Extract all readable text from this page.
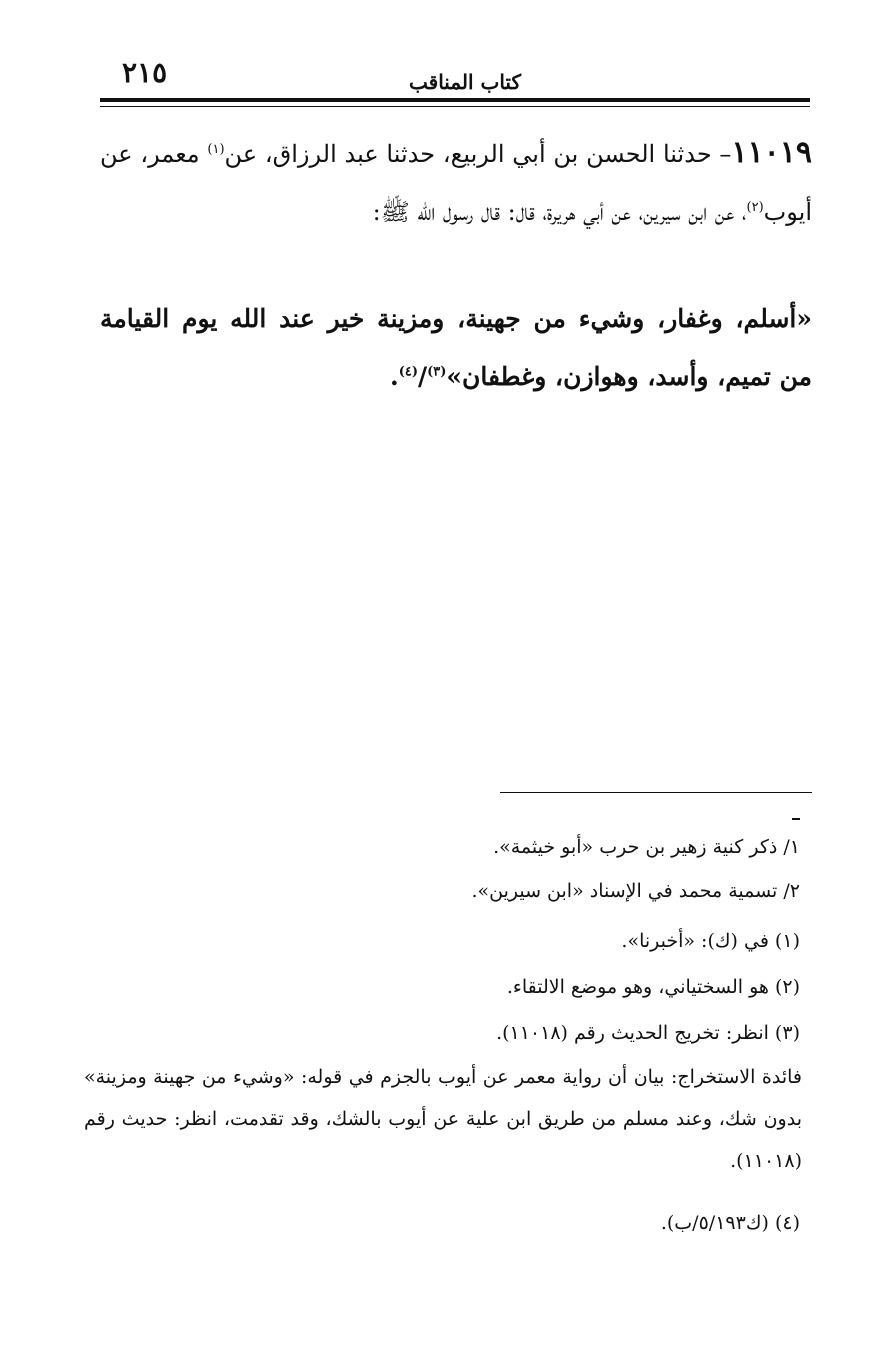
٢١٥	كتاب المناقب
١١٠١٩– حدثنا الحسن بن أبي الربيع، حدثنا عبد الرزاق، عن$^{(١)}$ معمر، عن أيوب$^{(٢)}$، عن ابن سيرين، عن أبي هريرة، قال: قال رسول الله ﷺ:
«أسلم، وغفار، وشيء من جهينة، ومزينة خير عند الله يوم القيامة من تميم، وأسد، وهوازن، وغطفان»$^{(٣)}$/$^{(٤)}$.
١/ ذكر كنية زهير بن حرب «أبو خيثمة».
٢/ تسمية محمد في الإسناد «ابن سيرين».
(١) في (ك): «أخبرنا».
(٢) هو السختياني، وهو موضع الالتقاء.
(٣) انظر: تخريج الحديث رقم (١١٠١٨).
فائدة الاستخراج: بيان أن رواية معمر عن أيوب بالجزم في قوله: «وشيء من جهينة ومزينة» بدون شك، وعند مسلم من طريق ابن علية عن أيوب بالشك، وقد تقدمت، انظر: حديث رقم (١١٠١٨).
(٤) (ك٥/١٩٣/ب).
